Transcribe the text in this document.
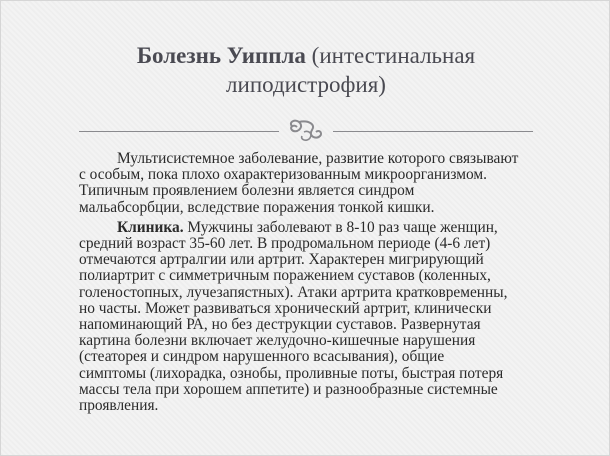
Болезнь Уиппла (интестинальная
липодистрофия)

Мультисистемное заболевание, развитие которого связывают
с особым, пока плохо охарактеризованным микроорганизмом.
Типичным проявлением болезни является синдром
мальабсорбции, вследствие поражения тонкой кишки.

Клиника. Мужчины заболевают в 8-10 раз чаще женщин,
средний возраст 35-60 лет. В продромальном периоде (4-6 лет)
отмечаются артралгии или артрит. Характерен мигрирующий
полиартрит с симметричным поражением суставов (коленных,
голеностопных, лучезапястных). Атаки артрита кратковременны,
но часты. Может развиваться хронический артрит, клинически
напоминающий РА, но без деструкции суставов. Развернутая
картина болезни включает желудочно-кишечные нарушения
(стеаторея и синдром нарушенного всасывания), общие
симптомы (лихорадка, ознобы, проливные поты, быстрая потеря
массы тела при хорошем аппетите) и разнообразные системные
проявления.
